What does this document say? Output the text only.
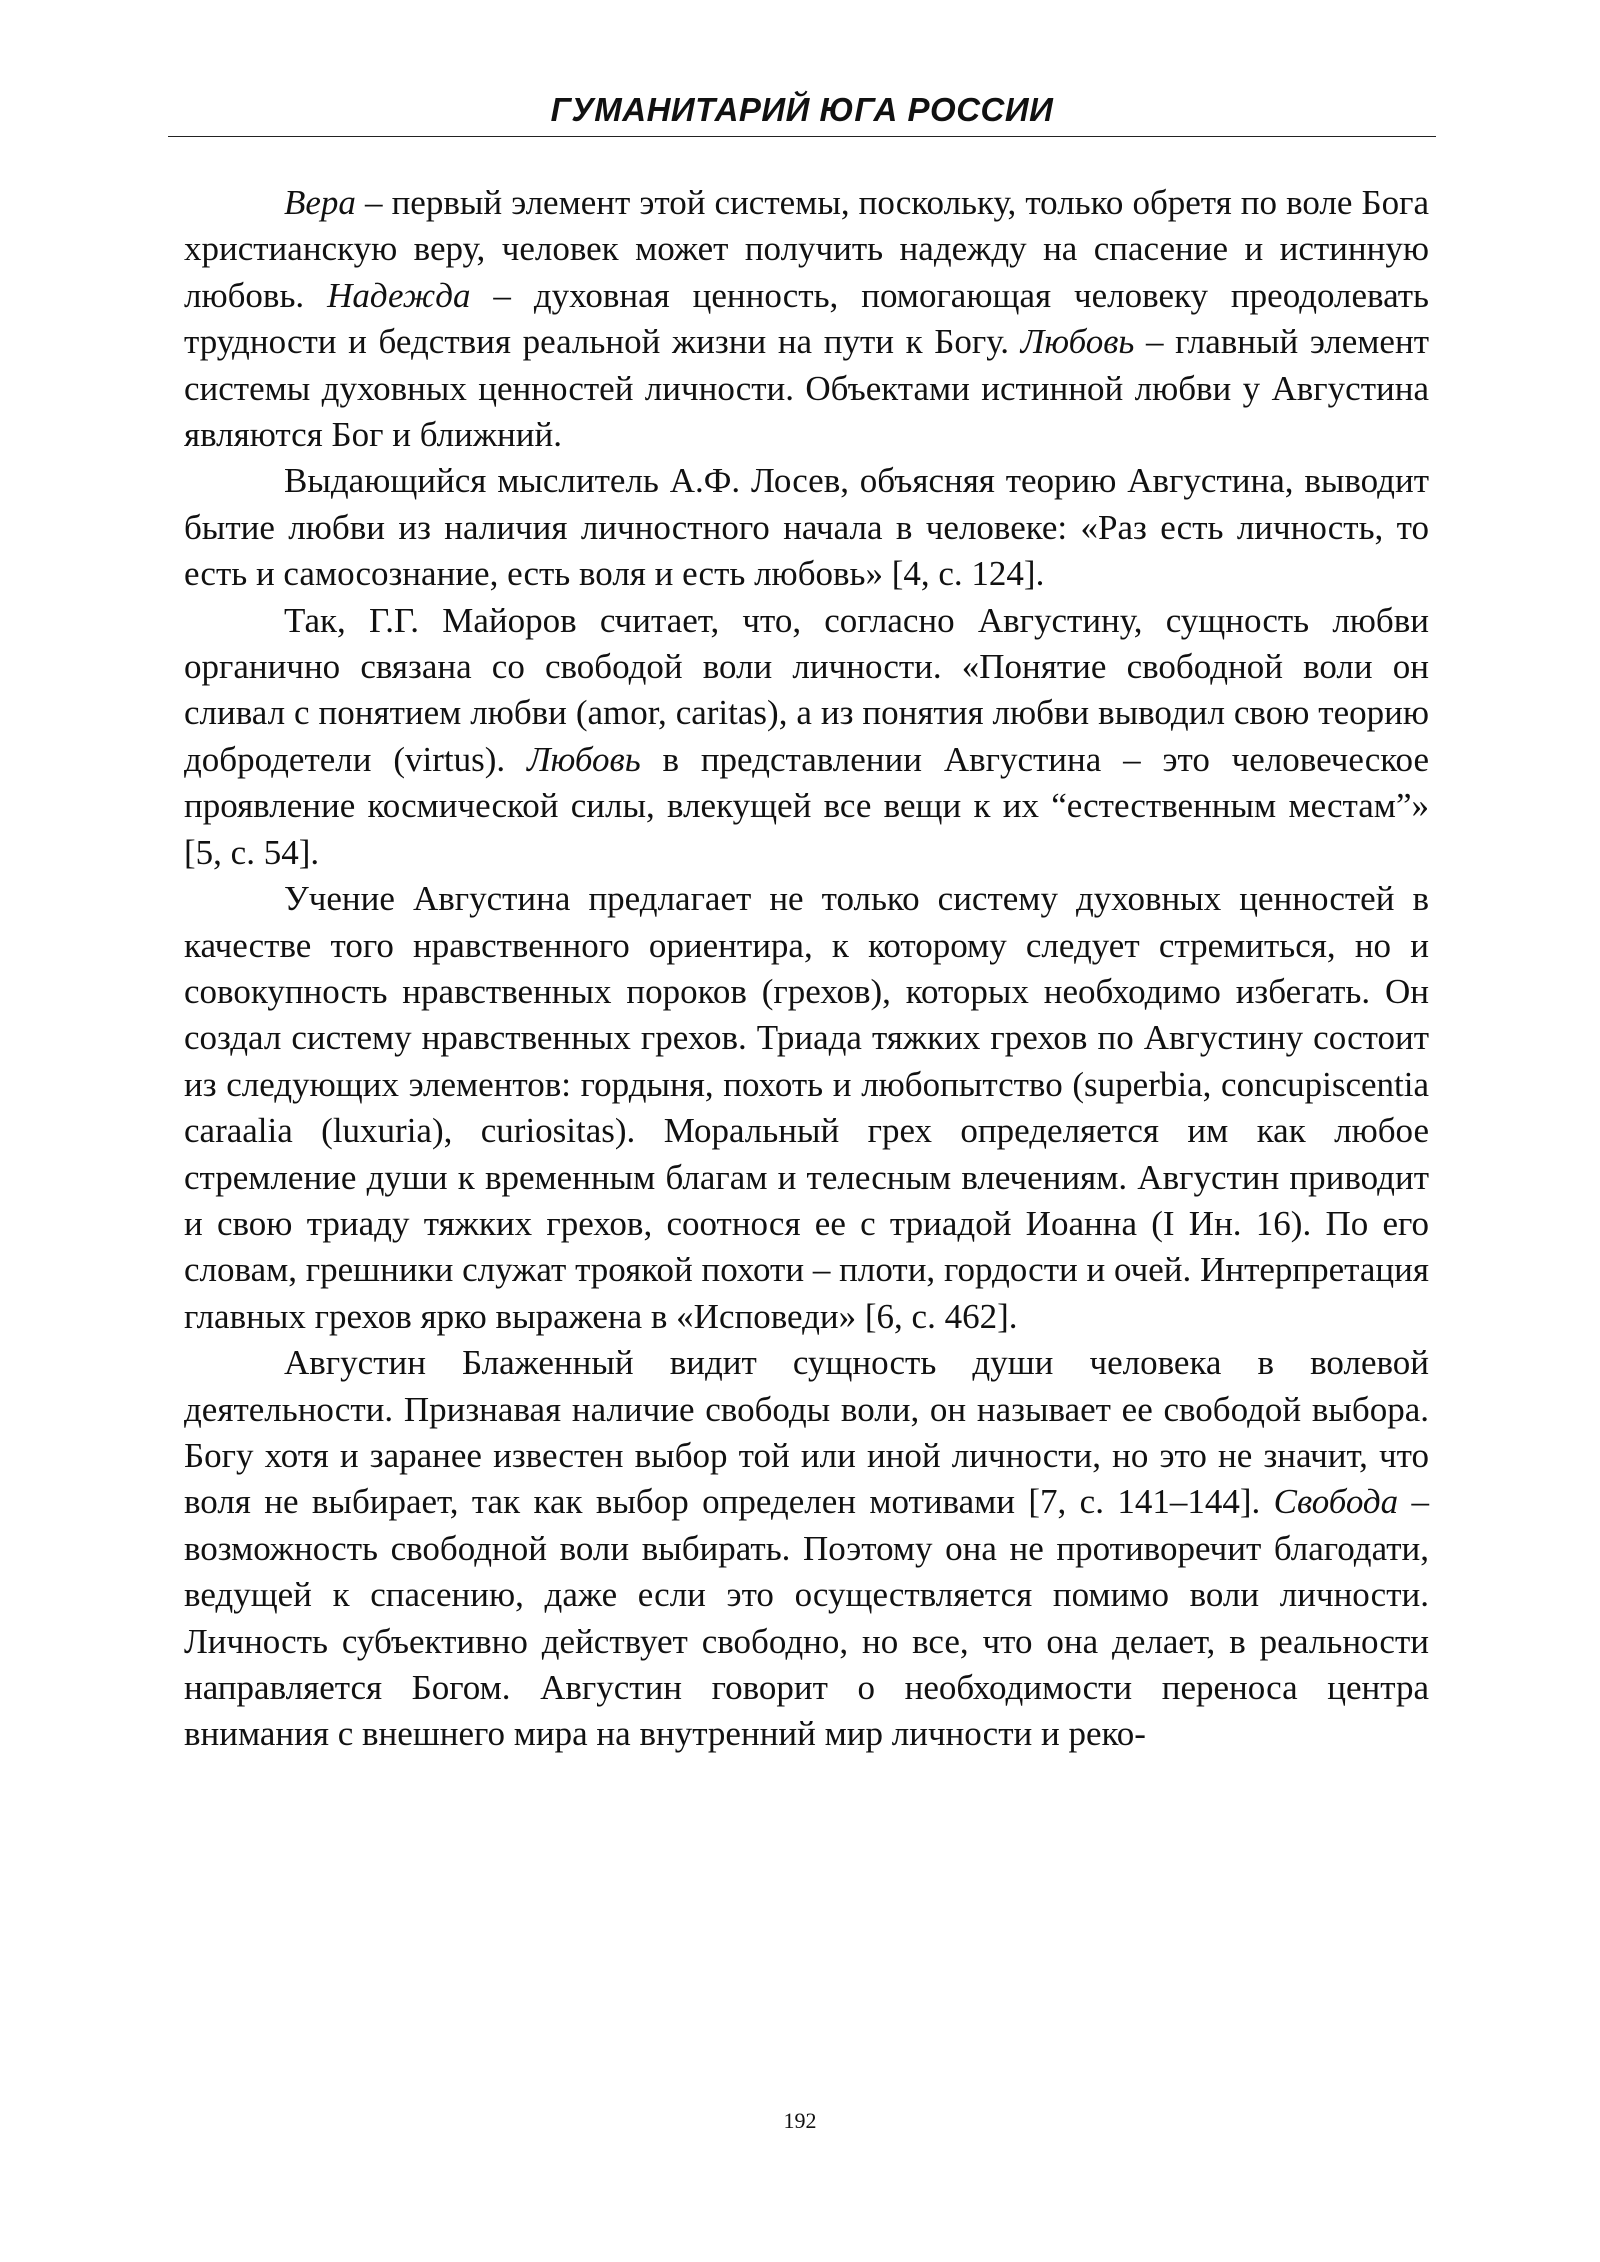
ГУМАНИТАРИЙ ЮГА РОССИИ

Вера – первый элемент этой системы, поскольку, только обретя по воле Бога христианскую веру, человек может получить надежду на спасение и истинную любовь. Надежда – духовная ценность, помогающая человеку преодолевать трудности и бедствия реальной жизни на пути к Богу. Любовь – главный элемент системы духовных ценностей личности. Объектами истинной любви у Августина являются Бог и ближний.

Выдающийся мыслитель А.Ф. Лосев, объясняя теорию Августина, выводит бытие любви из наличия личностного начала в человеке: «Раз есть личность, то есть и самосознание, есть воля и есть любовь» [4, с. 124].

Так, Г.Г. Майоров считает, что, согласно Августину, сущность любви органично связана со свободой воли личности. «Понятие свободной воли он сливал с понятием любви (amor, caritas), а из понятия любви выводил свою теорию добродетели (virtus). Любовь в представлении Августина – это человеческое проявление космической силы, влекущей все вещи к их “естественным местам”» [5, с. 54].

Учение Августина предлагает не только систему духовных ценностей в качестве того нравственного ориентира, к которому следует стремиться, но и совокупность нравственных пороков (грехов), которых необходимо избегать. Он создал систему нравственных грехов. Триада тяжких грехов по Августину состоит из следующих элементов: гордыня, похоть и любопытство (superbia, concupiscentia caraalia (luxuria), curiositas). Моральный грех определяется им как любое стремление души к временным благам и телесным влечениям. Августин приводит и свою триаду тяжких грехов, соотнося ее с триадой Иоанна (I Ин. 16). По его словам, грешники служат троякой похоти – плоти, гордости и очей. Интерпретация главных грехов ярко выражена в «Исповеди» [6, с. 462].

Августин Блаженный видит сущность души человека в волевой деятельности. Признавая наличие свободы воли, он называет ее свободой выбора. Богу хотя и заранее известен выбор той или иной личности, но это не значит, что воля не выбирает, так как выбор определен мотивами [7, с. 141–144]. Свобода – возможность свободной воли выбирать. Поэтому она не противоречит благодати, ведущей к спасению, даже если это осуществляется помимо воли личности. Личность субъективно действует свободно, но все, что она делает, в реальности направляется Богом. Августин говорит о необходимости переноса центра внимания с внешнего мира на внутренний мир личности и реко-

192
